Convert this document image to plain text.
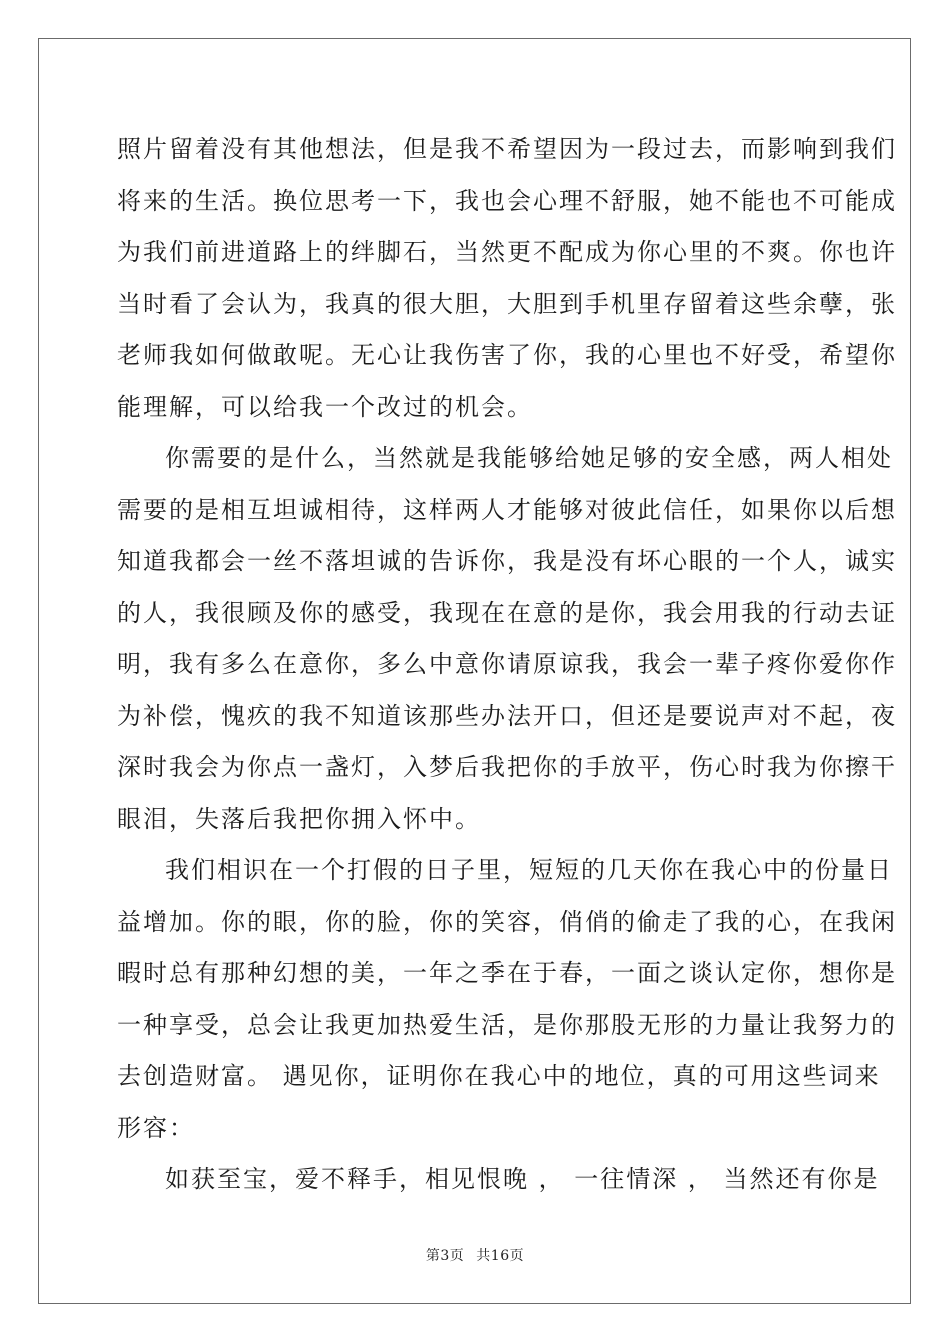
照片留着没有其他想法，但是我不希望因为一段过去，而影响到我们
将来的生活。换位思考一下，我也会心理不舒服，她不能也不可能成
为我们前进道路上的绊脚石，当然更不配成为你心里的不爽。你也许
当时看了会认为，我真的很大胆，大胆到手机里存留着这些余孽，张
老师我如何做敢呢。无心让我伤害了你，我的心里也不好受，希望你
能理解，可以给我一个改过的机会。
你需要的是什么，当然就是我能够给她足够的安全感，两人相处
需要的是相互坦诚相待，这样两人才能够对彼此信任，如果你以后想
知道我都会一丝不落坦诚的告诉你，我是没有坏心眼的一个人，诚实
的人，我很顾及你的感受，我现在在意的是你，我会用我的行动去证
明，我有多么在意你，多么中意你请原谅我，我会一辈子疼你爱你作
为补偿，愧疚的我不知道该那些办法开口，但还是要说声对不起，夜
深时我会为你点一盏灯，入梦后我把你的手放平，伤心时我为你擦干
眼泪，失落后我把你拥入怀中。
我们相识在一个打假的日子里，短短的几天你在我心中的份量日
益增加。你的眼，你的脸，你的笑容，俏俏的偷走了我的心，在我闲
暇时总有那种幻想的美，一年之季在于春，一面之谈认定你，想你是
一种享受，总会让我更加热爱生活，是你那股无形的力量让我努力的
去创造财富。 遇见你，证明你在我心中的地位，真的可用这些词来
形容：
如获至宝，爱不释手，相见恨晚 ， 一往情深 ， 当然还有你是
第3页 共16页
